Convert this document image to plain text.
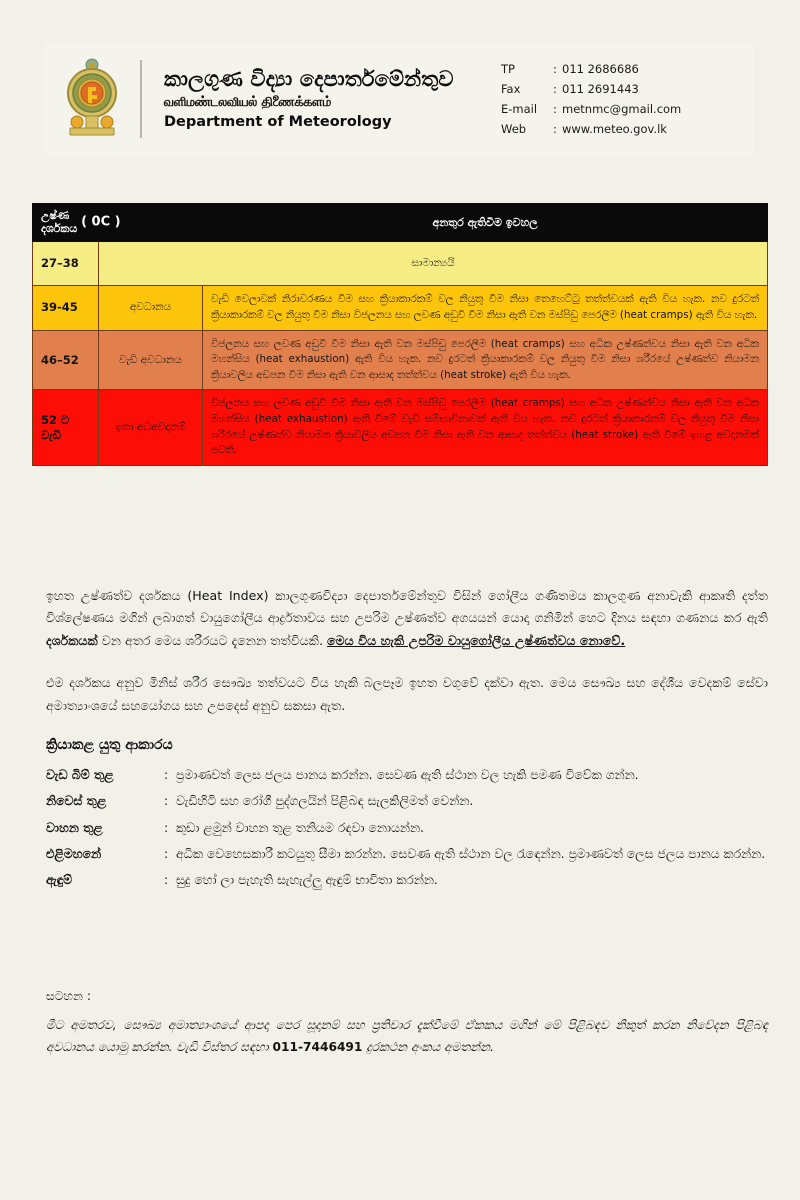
කාලගුණ විද්‍යා දෙපාර්තමේන්තුව
வளிமண்டலவியல் திணைக்களம்
Department of Meteorology
TP	: 011 2686686
Fax	: 011 2691443
E-mail	: metnmc@gmail.com
Web	: www.meteo.gov.lk
උෂ්ණ
දර්ශකය ( 0C )		අනතුර ඇතිවීම ඉවහල
27–38	සාමාන්‍යයි	
39-45	අවධානය	වැඩි වෙලාවක් නිරාවරණය වීම සහ ක්‍රියාකාරකම් වල නියුතු වීම නිසා තෙහෙට්ටු තත්ත්වයක් ඇති විය හැක. නව දුරටත් ක්‍රියාකාරකම් වල නියුතු වීම නිසා විජලනය සහ ලවණ අඩුවී වීම නිසා ඇති වන මස්පිඩු පෙරලීම (heat cramps) ඇති විය හැක.
46–52	වැඩි අවධානය	විජලනය සහ ලවණ අඩුවී වීම නිසා ඇති වන මස්පිඩු පෙරලීම (heat cramps) සහ අධික උෂ්ණත්වය නිසා ඇති වන අධික මහන්සිය (heat exhaustion) ඇති විය හැක. නව දුරටත් ක්‍රියාකාරකම් වල නියුතු වීම නිසා ශරීරයේ උෂ්ණත්ව නියාමන ක්‍රියාවලිය අඩපන වීම නිසා ඇති වන ආසාද තත්ත්වය (heat stroke) ඇති විය හැක.
52 ට වැඩි	ඉතා අධිඅවදානම්	විජලනය සහ ලවණ අඩුවී වීම නිසා ඇති වන මස්පිඩු පෙරලීම (heat cramps) සහ අධික උෂ්ණත්වය නිසා ඇති වන අධික මහන්සිය (heat exhaustion) ඇති වීමේ වැඩි සම්භාවිතාවක් ඇති විය හැක. නව දුරටත් ක්‍රියාකාරකම් වල නියුතු වීම නිසා ශරීරයේ උෂ්ණත්ව නියාමන ක්‍රියාවලිය අඩපන වීම නිසා ඇති වන ආසාද තත්ත්වය (heat stroke) ඇති වීමේ ඉහළ අවදානමක් පවතී.

ඉහත උෂ්ණත්ව දර්ශකය (Heat Index) කාලගුණවිද්‍යා දෙපාර්තමේන්තුව විසින් ගෝලීය ගණිතමය කාලගුණ අනාවැකි ආකෘති දත්ත විශ්ලේෂණය මගින් ලබාගත් වායුගෝලීය ආර්ද්‍රතාවය සහ උපරිම උෂ්ණත්ව අගයයන් යොදා ගනිමින් හෙට දිනය සඳහා ගණනය කර ඇති දර්ශකයක් වන අතර මෙය ශරීරයට දැනෙන තත්වියකි. මෙය විය හැකි උපරිම වායුගෝලීය උෂ්ණත්වය නොවේ.

එම දර්ශකය අනුව මිනිස් ශරීර සෞඛ්‍ය තත්වයට විය හැකි බලපෑම ඉහත වගුවේ දක්වා ඇත. මෙය සෞඛ්‍ය සහ දේශීය වෙදකම් සේවා අමාත්‍යාංශයේ සහයෝගය සහ උපදෙස් අනුව සකසා ඇත.

ක්‍රියාකළ යුතු ආකාරය
වැඩ බිම් තුළ	: ප්‍රමාණවත් ලෙස ජලය පානය කරන්න. සෙවණ ඇති ස්ථාන වල හැකි පමණ විවේක ගන්න.
නිවෙස් තුළ	: වැඩිහිටි සහ රෝගී පුද්ගලයින් පිළිබඳ සැලකිලිමත් වෙන්න.
වාහන තුළ	: කුඩා ළමුන් වාහන තුළ තනියම රඳවා නොයන්න.
එළිමහනේ	: අධික වෙහෙසකාරී කටයුතු සීමා කරන්න. සෙවණ ඇති ස්ථාන වල රැඳෙන්න. ප්‍රමාණවත් ලෙස ජලය පානය කරන්න.
ඇඳුම්	: සුදු හෝ ලා පැහැති සැහැල්ලු ඇඳුම් භාවිතා කරන්න.
සටහන :

මීට අමතරව, සෞඛ්‍ය අමාත්‍යාංශයේ ආපදා පෙර සූදානම් සහ ප්‍රතිචාර දැක්වීමේ ඒකකය මගින් මේ පිළිබඳව නිකුත් කරන නිවේදන පිළිබඳ අවධානය යොමු කරන්න. වැඩි විස්තර සඳහා 011-7446491 දුරකථන අංකය අමතන්න.
